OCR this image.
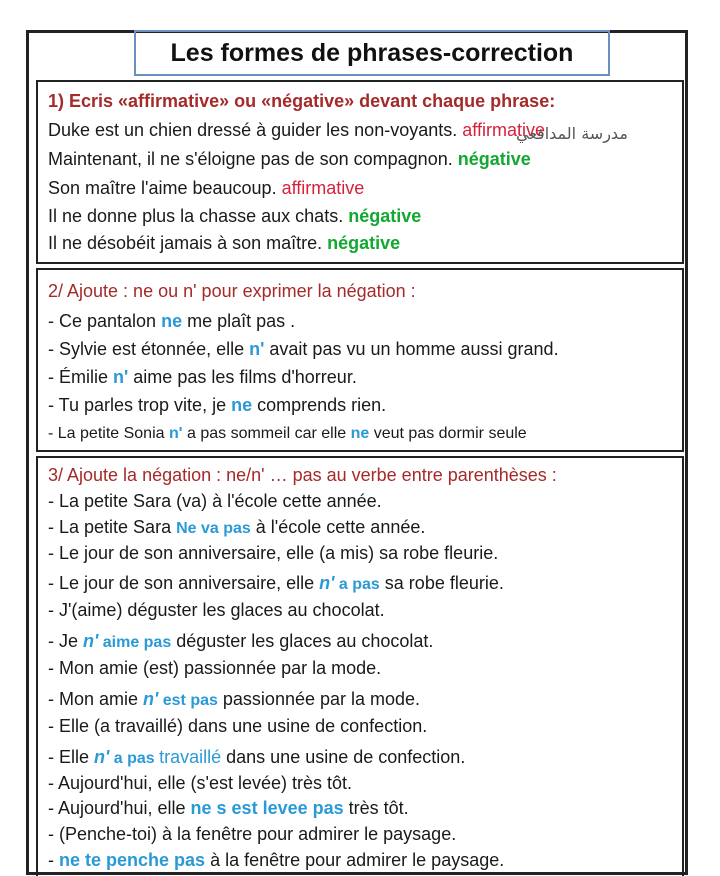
Les formes de phrases-correction
1) Ecris «affirmative» ou «négative» devant chaque phrase:
Duke est un chien dressé à guider les non-voyants. affirmative
Maintenant, il ne s'éloigne pas de son compagnon. négative
Son maître l'aime beaucoup. affirmative
Il ne donne plus la chasse aux chats. négative
Il ne désobéit jamais à son maître. négative
مدرسة المدافعي
2/ Ajoute : ne ou n' pour exprimer la négation :
- Ce pantalon ne me plaît pas .
- Sylvie est étonnée, elle n' avait pas vu un homme aussi grand.
- Émilie n' aime pas les films d'horreur.
- Tu parles trop vite, je ne comprends rien.
- La petite Sonia n' a pas sommeil car elle ne veut pas dormir seule
3/ Ajoute la négation : ne/n' … pas au verbe entre parenthèses :
- La petite Sara (va) à l'école cette année.
- La petite Sara Ne va pas à l'école cette année.
- Le jour de son anniversaire, elle (a mis) sa robe fleurie.
- Le jour de son anniversaire, elle n' a pas sa robe fleurie.
- J'(aime) déguster les glaces au chocolat.
- Je n' aime pas déguster les glaces au chocolat.
- Mon amie (est) passionnée par la mode.
- Mon amie n' est pas passionnée par la mode.
- Elle (a travaillé) dans une usine de confection.
- Elle n' a pas travaillé dans une usine de confection.
- Aujourd'hui, elle (s'est levée) très tôt.
- Aujourd'hui, elle ne s est levee pas très tôt.
- (Penche-toi) à la fenêtre pour admirer le paysage.
- ne te penche pas à la fenêtre pour admirer le paysage.
